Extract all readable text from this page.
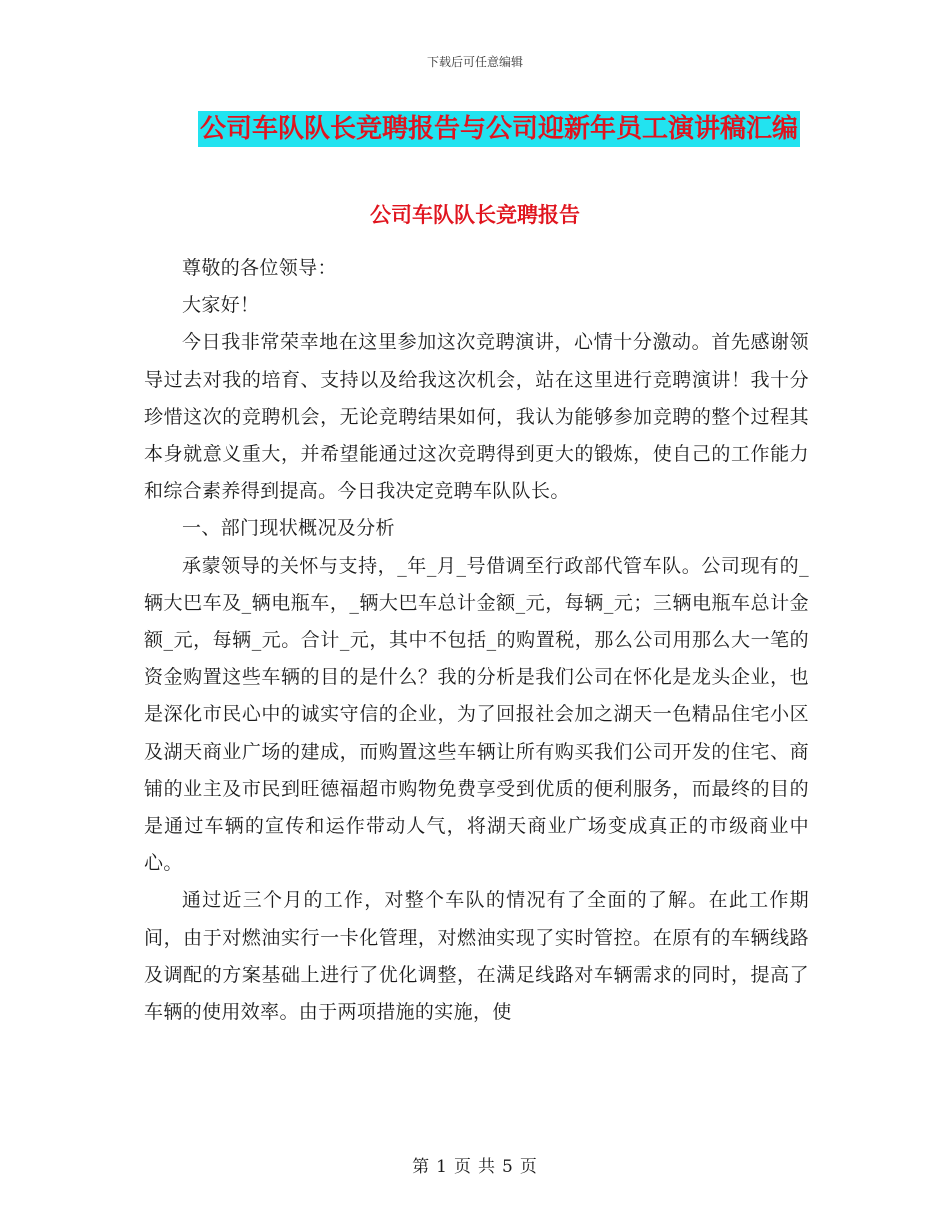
下载后可任意编辑
公司车队队长竞聘报告与公司迎新年员工演讲稿汇编
公司车队队长竞聘报告

尊敬的各位领导：

大家好！

今日我非常荣幸地在这里参加这次竞聘演讲，心情十分激动。首先感谢领导过去对我的培育、支持以及给我这次机会，站在这里进行竞聘演讲！我十分珍惜这次的竞聘机会，无论竞聘结果如何，我认为能够参加竞聘的整个过程其本身就意义重大，并希望能通过这次竞聘得到更大的锻炼，使自己的工作能力和综合素养得到提高。今日我决定竞聘车队队长。

一、部门现状概况及分析

承蒙领导的关怀与支持，_年_月_号借调至行政部代管车队。公司现有的_辆大巴车及_辆电瓶车，_辆大巴车总计金额_元，每辆_元；三辆电瓶车总计金额_元，每辆_元。合计_元，其中不包括_的购置税，那么公司用那么大一笔的资金购置这些车辆的目的是什么？我的分析是我们公司在怀化是龙头企业，也是深化市民心中的诚实守信的企业，为了回报社会加之湖天一色精品住宅小区及湖天商业广场的建成，而购置这些车辆让所有购买我们公司开发的住宅、商铺的业主及市民到旺德福超市购物免费享受到优质的便利服务，而最终的目的是通过车辆的宣传和运作带动人气，将湖天商业广场变成真正的市级商业中心。

通过近三个月的工作，对整个车队的情况有了全面的了解。在此工作期间，由于对燃油实行一卡化管理，对燃油实现了实时管控。在原有的车辆线路及调配的方案基础上进行了优化调整，在满足线路对车辆需求的同时，提高了车辆的使用效率。由于两项措施的实施，使

第 1 页 共 5 页
